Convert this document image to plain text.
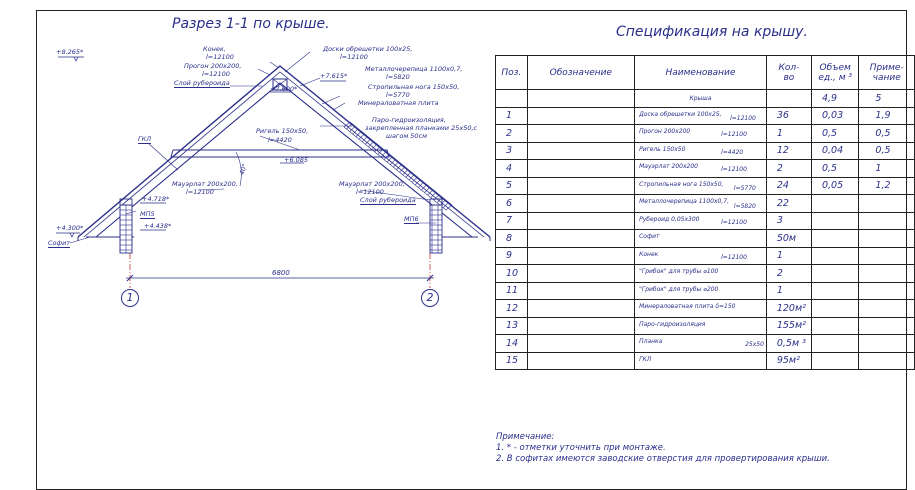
Разрез 1-1 по крыше.
+8.265*	Конек,
l=12100
Прогон 200х200,
l=12100
Слой рубероида
Доски обрешетки 100х25,
l=12100
+7.615*
Металлочерепица 1100х0,7,
l=5820
Стропильная нога 150х50,
l=5770
Минераловатная плита
+7.600*
Паро-гидроизоляция,
закрепленная планками 25х50,с
шагом 50см
Ригель 150х50,
l=4420
ГКЛ
+6.085
40°
Мауэрлат 200х200,
l=12100
Мауэрлат 200х200,
l=12100
Слой рубероида
+4.718*
МП5
МП6
+4.438*
+4.300*
Софит
6800
1	2
Спецификация на крышу.
Поз.	Обозначение	Наименование	Кол-
во	Объем
ед., м ³	Приме-
чание
		Крыша		4,9	5
1		Доска обрешетки 100х25,
l=12100	36	0,03	1,9
2		Прогон 200х200 l=12100	1	0,5	0,5
3		Ригель 150х50 l=4420	12	0,04	0,5
4		Мауэрлат 200х200 l=12100	2	0,5	1
5		Стропильная нога 150х50,
l=5770	24	0,05	1,2
6		Металлочерепица 1100х0,7,
l=5820	22		
7		Рубероид 0,05х300 l=12100	3		
8		Софит	50м		
9		Конек l=12100	1		
10		"Грибок" для трубы ⌀100	2		
11		"Грибок" для трубы ⌀200	1		
12		Минераловатная плита δ=150	120м²		
13		Паро-гидроизоляция	155м²		
14		Планка 25х50	0,5м ³		
15		ГКЛ	95м²		
Примечание:
1. * - отметки уточнить при монтаже.
2. В софитах имеются заводские отверстия для провертирования крыши.
